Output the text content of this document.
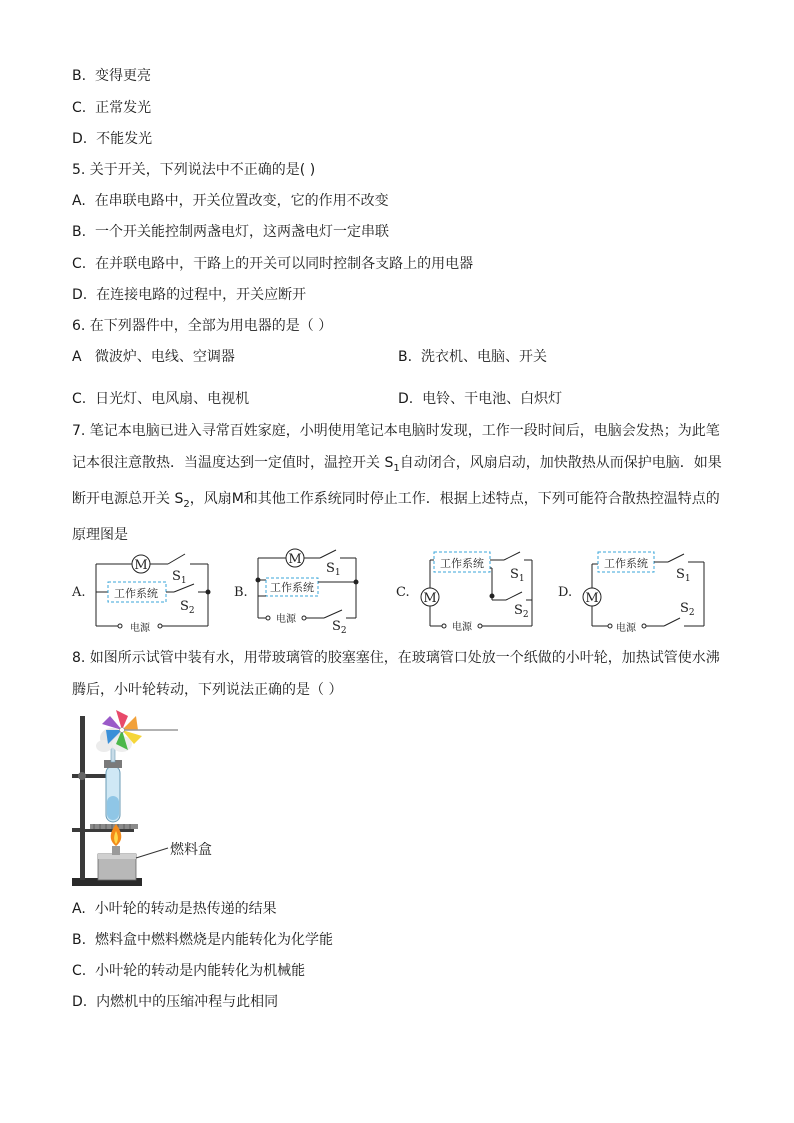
B. 变得更亮
C. 正常发光
D. 不能发光
5. 关于开关，下列说法中不正确的是( )
A. 在串联电路中，开关位置改变，它的作用不改变
B. 一个开关能控制两盏电灯，这两盏电灯一定串联
C. 在并联电路中，干路上的开关可以同时控制各支路上的用电器
D. 在连接电路的过程中，开关应断开
6. 在下列器件中，全部为用电器的是（ ）
A 微波炉、电线、空调器	B. 洗衣机、电脑、开关
C. 日光灯、电风扇、电视机	D. 电铃、干电池、白炽灯
7. 笔记本电脑已进入寻常百姓家庭，小明使用笔记本电脑时发现，工作一段时间后，电脑会发热；为此笔记本很注意散热．当温度达到一定值时，温控开关 $S_1$自动闭合，风扇启动，加快散热从而保护电脑．如果断开电源总开关 $S_2$，风扇M和其他工作系统同时停止工作．根据上述特点，下列可能符合散热控温特点的原理图是
A.
M
工作系统
电源
$S_1$
$S_2$
B.
M
工作系统
电源
$S_1$
$S_2$
C. M
工作系统
电源
$S_1$
$S_2$
D. M
工作系统
电源
$S_1$
$S_2$
8. 如图所示试管中装有水，用带玻璃管的胶塞塞住，在玻璃管口处放一个纸做的小叶轮，加热试管使水沸腾后，小叶轮转动，下列说法正确的是（ ）
燃料盒
A. 小叶轮的转动是热传递的结果
B. 燃料盒中燃料燃烧是内能转化为化学能
C. 小叶轮的转动是内能转化为机械能
D. 内燃机中的压缩冲程与此相同
